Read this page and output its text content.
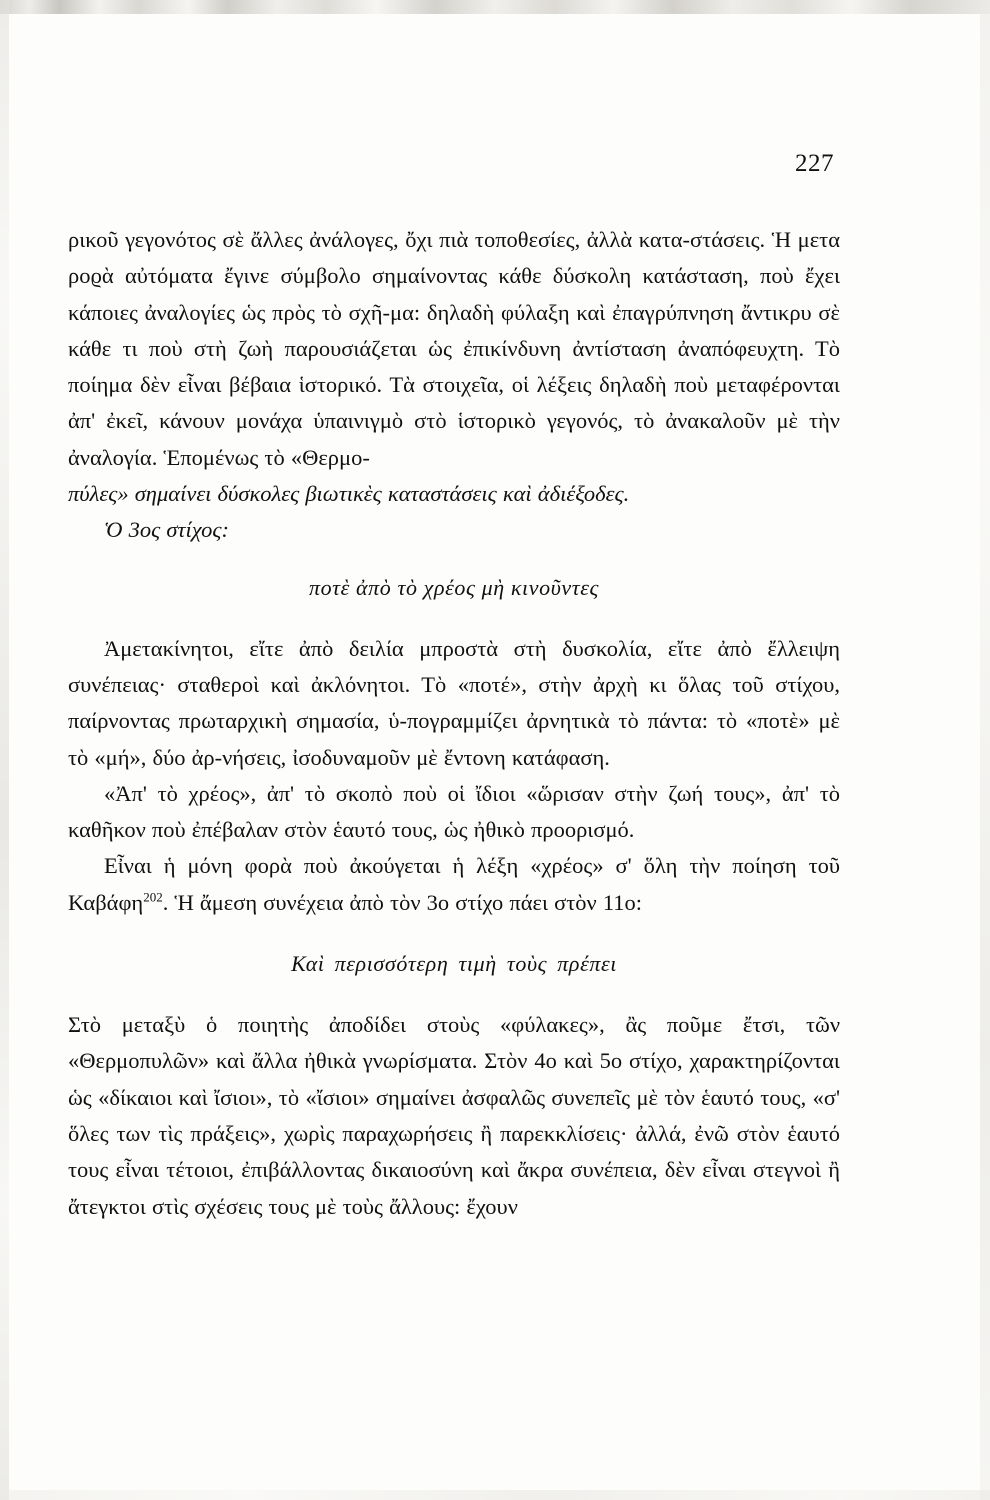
227

ρικοῦ γεγονότος σὲ ἄλλες ἀνάλογες, ὄχι πιὰ τοποθεσίες, ἀλλὰ κατα-στάσεις. Ἡ μετα ροϱὰ αὐτόματα ἔγινε σύμβολο σημαίνοντας κάθε δύσκολη κατάσταση, ποὺ ἔχει κάποιες ἀναλογίες ὡς πρὸς τὸ σχῆ-μα: δηλαδὴ φύλαξη καὶ ἐπαγρύπνηση ἄντικρυ σὲ κάθε τι ποὺ στὴ ζωὴ παρουσιάζεται ὡς ἐπικίνδυνη ἀντίσταση ἀναπόφευχτη. Τὸ ποίημα δὲν εἶναι βέβαια ἱστορικό. Τὰ στοιχεῖα, οἱ λέξεις δηλαδὴ ποὺ μεταφέρονται ἀπ' ἐκεῖ, κάνουν μονάχα ὑπαινιγμὸ στὸ ἱστορικὸ γεγονός, τὸ ἀνακαλοῦν μὲ τὴν ἀναλογία. Ἑπομένως τὸ «Θερμο-

πύλες» σημαίνει δύσκολες βιωτικὲς καταστάσεις καὶ ἀδιέξοδες.

Ὁ 3ος στίχος:

ποτὲ ἀπὸ τὸ χρέος μὴ κινοῦντες

Ἀμετακίνητοι, εἴτε ἀπὸ δειλία μπροστὰ στὴ δυσκολία, εἴτε ἀπὸ ἔλλειψη συνέπειας· σταθεροὶ καὶ ἀκλόνητοι. Τὸ «ποτέ», στὴν ἀρχὴ κι ὅλας τοῦ στίχου, παίρνοντας πρωταρχικὴ σημασία, ὑ-πογραμμίζει ἀρνητικὰ τὸ πάντα: τὸ «ποτὲ» μὲ τὸ «μή», δύο ἀρ-νήσεις, ἰσοδυναμοῦν μὲ ἔντονη κατάφαση.

«Ἀπ' τὸ χρέος», ἀπ' τὸ σκοπὸ ποὺ οἱ ἴδιοι «ὥρισαν στὴν ζωή τους», ἀπ' τὸ καθῆκον ποὺ ἐπέβαλαν στὸν ἑαυτό τους, ὡς ἠθικὸ προορισμό.

Εἶναι ἡ μόνη φορὰ ποὺ ἀκούγεται ἡ λέξη «χρέος» σ' ὅλη τὴν ποίηση τοῦ Καβάφη$^{202}$. Ἡ ἄμεση συνέχεια ἀπὸ τὸν 3ο στίχο πάει στὸν 11ο:

Καὶ περισσότερη τιμὴ τοὺς πρέπει

Στὸ μεταξὺ ὁ ποιητὴς ἀποδίδει στοὺς «φύλακες», ἂς ποῦμε ἔτσι, τῶν «Θερμοπυλῶν» καὶ ἄλλα ἠθικὰ γνωρίσματα. Στὸν 4ο καὶ 5ο στίχο, χαρακτηρίζονται ὡς «δίκαιοι καὶ ἴσιοι», τὸ «ἴσιοι» σημαίνει ἀσφαλῶς συνεπεῖς μὲ τὸν ἑαυτό τους, «σ' ὅλες των τὶς πράξεις», χωρὶς παραχωρήσεις ἢ παρεκκλίσεις· ἀλλά, ἐνῶ στὸν ἑαυτό τους εἶναι τέτοιοι, ἐπιβάλλοντας δικαιοσύνη καὶ ἄκρα συνέπεια, δὲν εἶναι στεγνοὶ ἢ ἄτεγκτοι στὶς σχέσεις τους μὲ τοὺς ἄλλους: ἔχουν
